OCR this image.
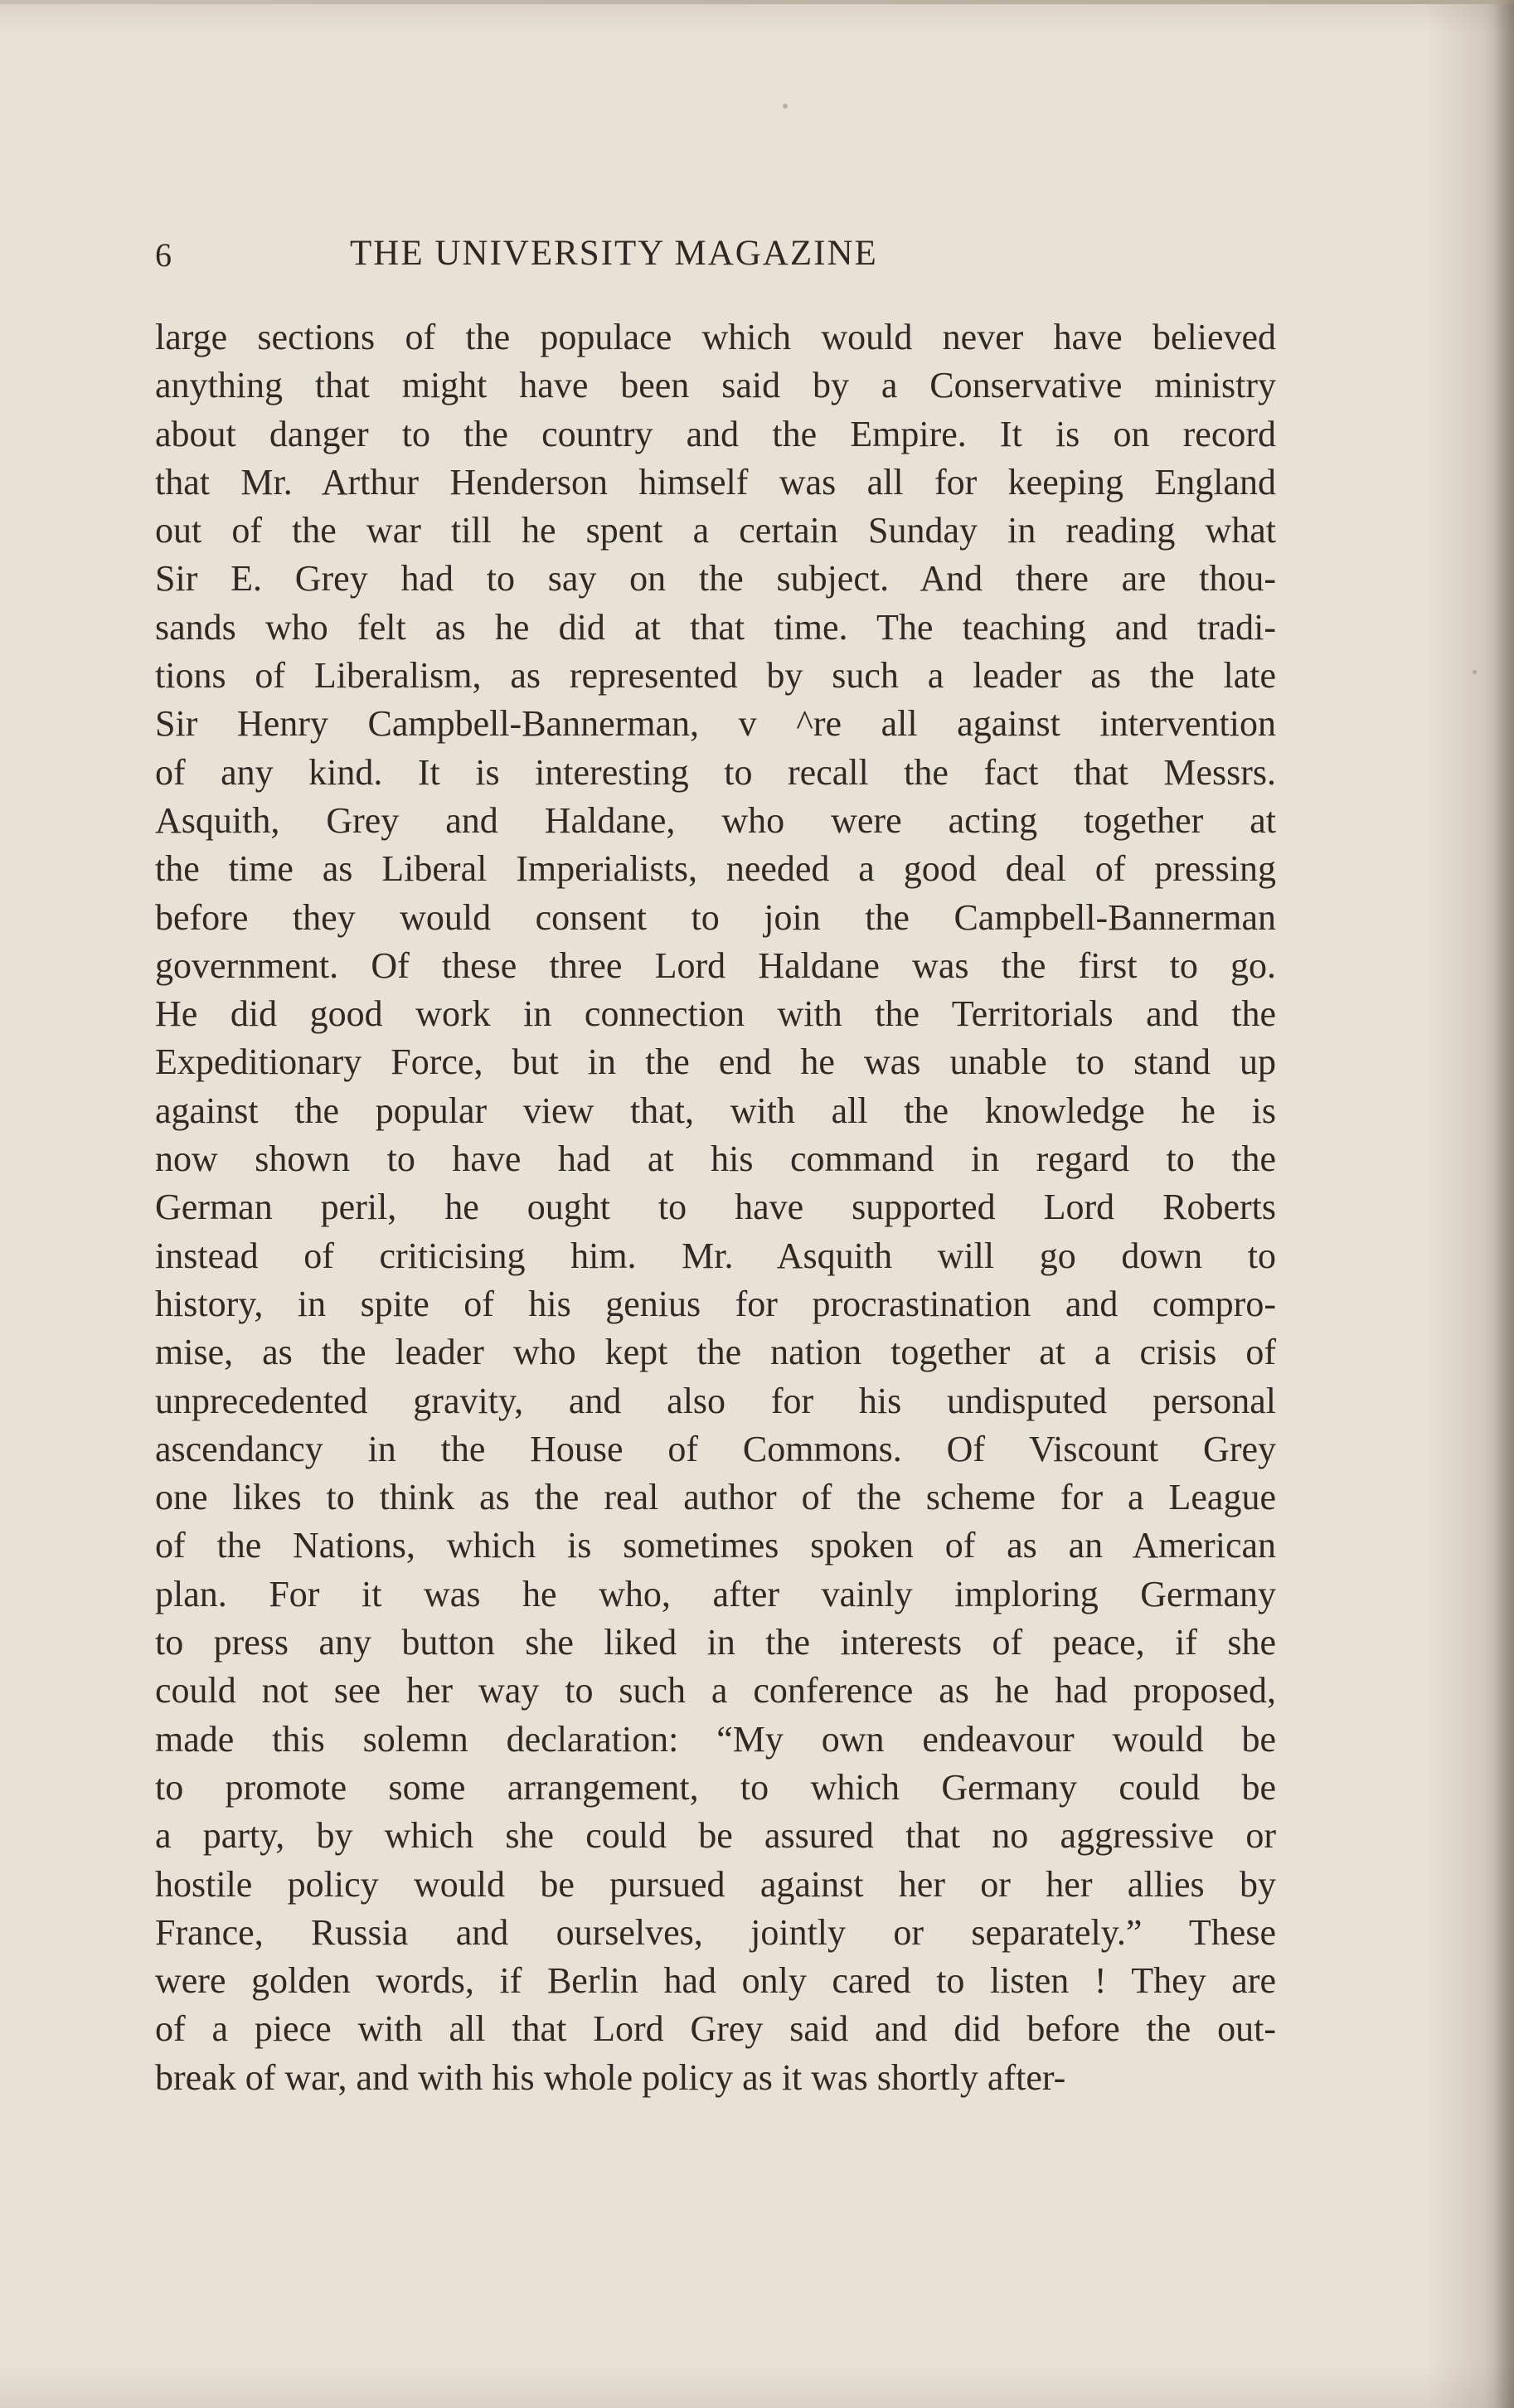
6	THE UNIVERSITY MAGAZINE
large sections of the populace which would never have believed
anything that might have been said by a Conservative ministry
about danger to the country and the Empire. It is on record
that Mr. Arthur Henderson himself was all for keeping England
out of the war till he spent a certain Sunday in reading what
Sir E. Grey had to say on the subject. And there are thou-
sands who felt as he did at that time. The teaching and tradi-
tions of Liberalism, as represented by such a leader as the late
Sir Henry Campbell-Bannerman, v ^re all against intervention
of any kind. It is interesting to recall the fact that Messrs.
Asquith, Grey and Haldane, who were acting together at
the time as Liberal Imperialists, needed a good deal of pressing
before they would consent to join the Campbell-Bannerman
government. Of these three Lord Haldane was the first to go.
He did good work in connection with the Territorials and the
Expeditionary Force, but in the end he was unable to stand up
against the popular view that, with all the knowledge he is
now shown to have had at his command in regard to the
German peril, he ought to have supported Lord Roberts
instead of criticising him. Mr. Asquith will go down to
history, in spite of his genius for procrastination and compro-
mise, as the leader who kept the nation together at a crisis of
unprecedented gravity, and also for his undisputed personal
ascendancy in the House of Commons. Of Viscount Grey
one likes to think as the real author of the scheme for a League
of the Nations, which is sometimes spoken of as an American
plan. For it was he who, after vainly imploring Germany
to press any button she liked in the interests of peace, if she
could not see her way to such a conference as he had proposed,
made this solemn declaration: “My own endeavour would be
to promote some arrangement, to which Germany could be
a party, by which she could be assured that no aggressive or
hostile policy would be pursued against her or her allies by
France, Russia and ourselves, jointly or separately.” These
were golden words, if Berlin had only cared to listen ! They are
of a piece with all that Lord Grey said and did before the out-
break of war, and with his whole policy as it was shortly after-
